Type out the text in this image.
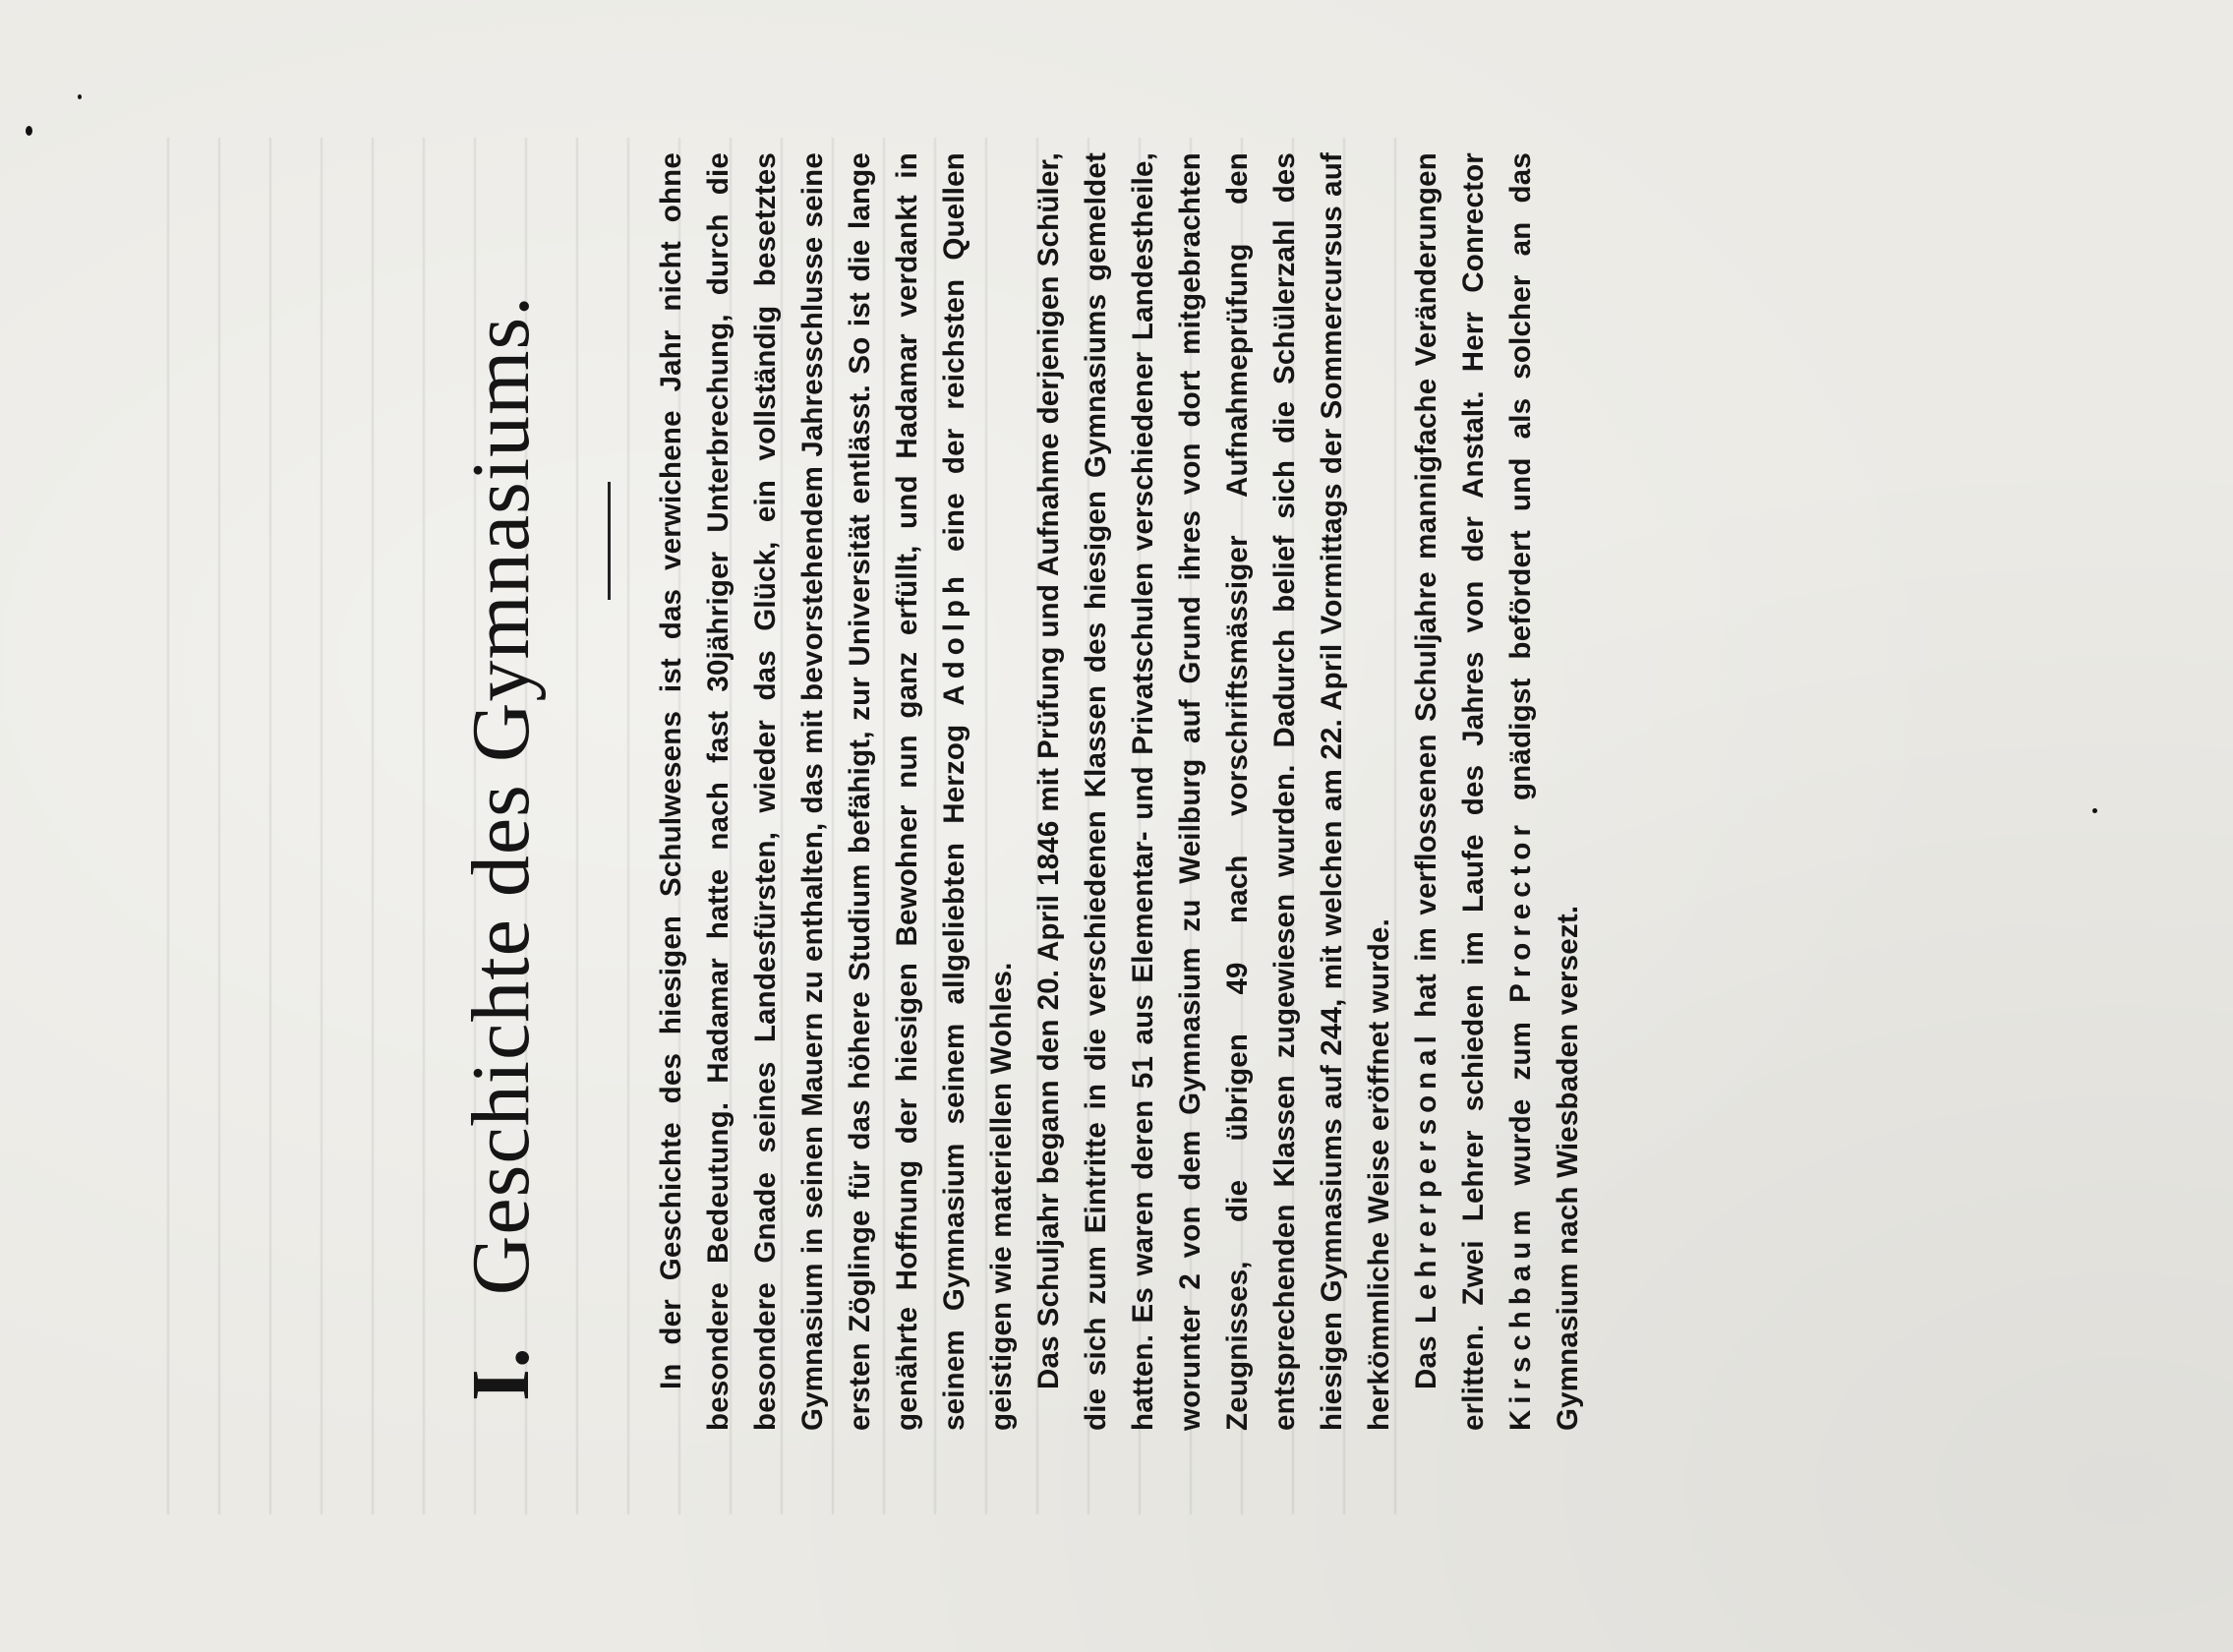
I. Geschichte des Gymnasiums.	In der Geschichte des hiesigen Schulwesens ist das verwichene Jahr nicht ohne besondere Bedeutung. Hadamar hatte nach fast 30jähriger Unterbrechung, durch die besondere Gnade seines Landesfürsten, wieder das Glück, ein vollständig besetztes Gymnasium in seinen Mauern zu enthalten, das mit bevorstehendem Jahresschlusse seine ersten Zöglinge für das höhere Studium befähigt, zur Universität entlässt. So ist die lange genährte Hoffnung der hiesigen Bewohner nun ganz erfüllt, und Hadamar verdankt in seinem Gymnasium seinem allgeliebten Herzog Adolph eine der reichsten Quellen geistigen wie materiellen Wohles. Das Schuljahr begann den 20. April 1846 mit Prüfung und Aufnahme derjenigen Schüler, die sich zum Eintritte in die verschiedenen Klassen des hiesigen Gymnasiums gemeldet hatten. Es waren deren 51 aus Elementar- und Privatschulen verschiedener Landestheile, worunter 2 von dem Gymnasium zu Weilburg auf Grund ihres von dort mitgebrachten Zeugnisses, die übrigen 49 nach vorschriftsmässiger Aufnahmeprüfung den entsprechenden Klassen zugewiesen wurden. Dadurch belief sich die Schülerzahl des hiesigen Gymnasiums auf 244, mit welchen am 22. April Vormittags der Sommercursus auf herkömmliche Weise eröffnet wurde. Das Lehrerpersonal hat im verflossenen Schuljahre mannigfache Veränderungen erlitten. Zwei Lehrer schieden im Laufe des Jahres von der Anstalt. Herr Conrector Kirschbaum wurde zum Prorector gnädigst befördert und als solcher an das Gymnasium nach Wiesbaden versezt.
